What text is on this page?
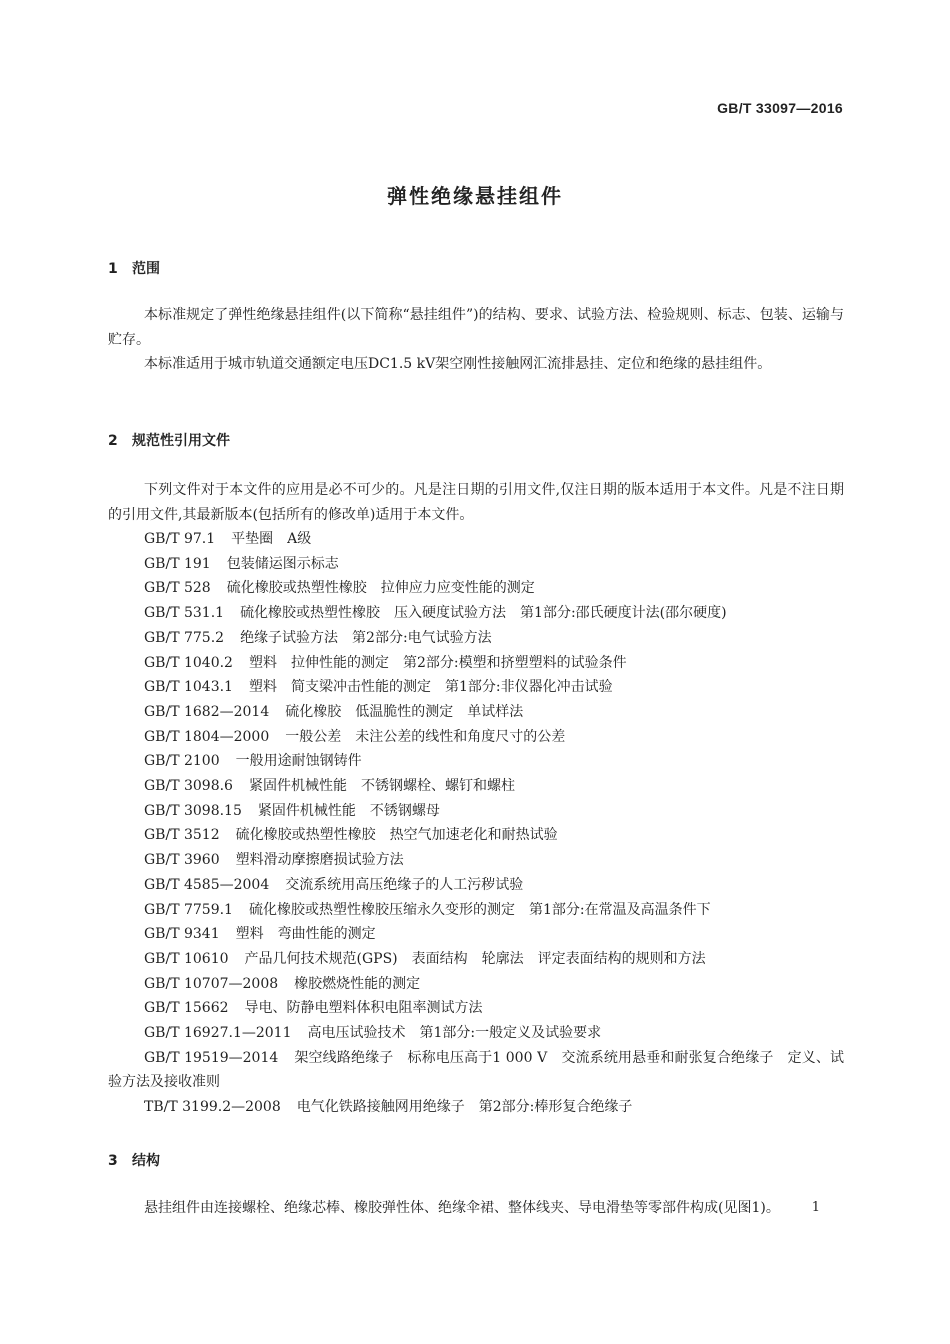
GB/T 33097—2016
弹性绝缘悬挂组件
1 范围
本标准规定了弹性绝缘悬挂组件(以下简称“悬挂组件”)的结构、要求、试验方法、检验规则、标志、包装、运输与贮存。
本标准适用于城市轨道交通额定电压DC1.5 kV架空刚性接触网汇流排悬挂、定位和绝缘的悬挂组件。
2 规范性引用文件
下列文件对于本文件的应用是必不可少的。凡是注日期的引用文件,仅注日期的版本适用于本文件。凡是不注日期的引用文件,其最新版本(包括所有的修改单)适用于本文件。
GB/T 97.1 平垫圈　A级
GB/T 191 包装储运图示标志
GB/T 528 硫化橡胶或热塑性橡胶　拉伸应力应变性能的测定
GB/T 531.1 硫化橡胶或热塑性橡胶　压入硬度试验方法　第1部分:邵氏硬度计法(邵尔硬度)
GB/T 775.2 绝缘子试验方法　第2部分:电气试验方法
GB/T 1040.2 塑料　拉伸性能的测定　第2部分:模塑和挤塑塑料的试验条件
GB/T 1043.1 塑料　简支梁冲击性能的测定　第1部分:非仪器化冲击试验
GB/T 1682—2014 硫化橡胶　低温脆性的测定　单试样法
GB/T 1804—2000 一般公差　未注公差的线性和角度尺寸的公差
GB/T 2100 一般用途耐蚀钢铸件
GB/T 3098.6 紧固件机械性能　不锈钢螺栓、螺钉和螺柱
GB/T 3098.15 紧固件机械性能　不锈钢螺母
GB/T 3512 硫化橡胶或热塑性橡胶　热空气加速老化和耐热试验
GB/T 3960 塑料滑动摩擦磨损试验方法
GB/T 4585—2004 交流系统用高压绝缘子的人工污秽试验
GB/T 7759.1 硫化橡胶或热塑性橡胶压缩永久变形的测定　第1部分:在常温及高温条件下
GB/T 9341 塑料　弯曲性能的测定
GB/T 10610 产品几何技术规范(GPS)　表面结构　轮廓法　评定表面结构的规则和方法
GB/T 10707—2008 橡胶燃烧性能的测定
GB/T 15662 导电、防静电塑料体积电阻率测试方法
GB/T 16927.1—2011 高电压试验技术　第1部分:一般定义及试验要求
GB/T 19519—2014 架空线路绝缘子　标称电压高于1 000 V　交流系统用悬垂和耐张复合绝缘子　定义、试验方法及接收准则
TB/T 3199.2—2008 电气化铁路接触网用绝缘子　第2部分:棒形复合绝缘子
3 结构
悬挂组件由连接螺栓、绝缘芯棒、橡胶弹性体、绝缘伞裙、整体线夹、导电滑垫等零部件构成(见图1)。	1
